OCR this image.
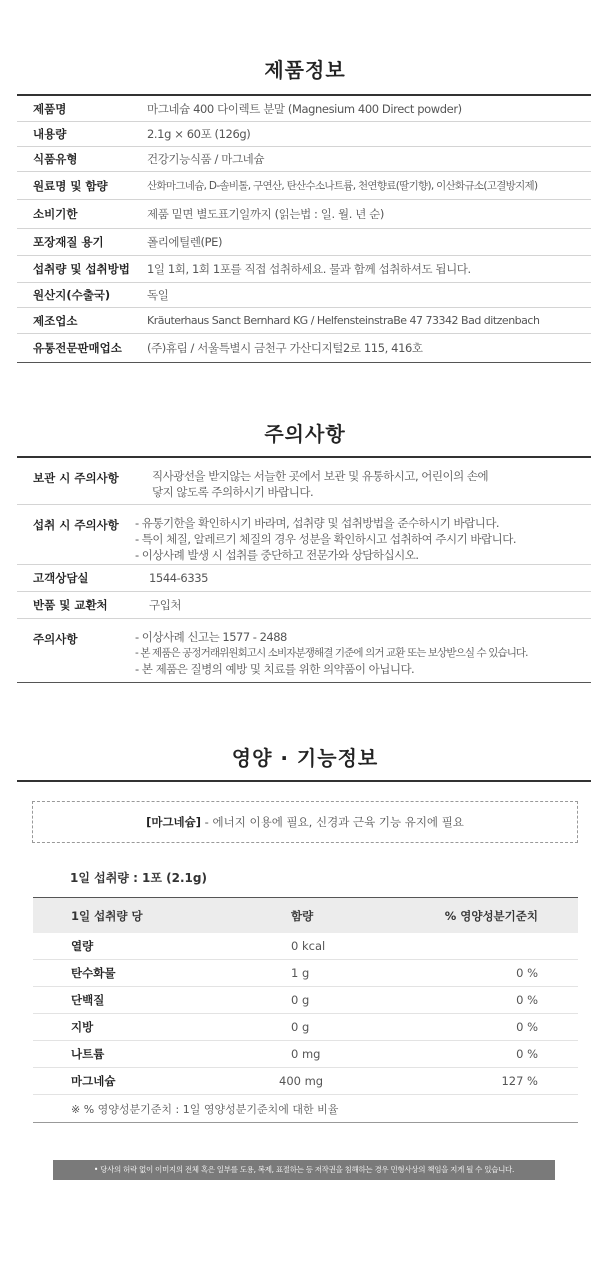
제품정보
제품명	마그네슘 400 다이렉트 분말 (Magnesium 400 Direct powder)
내용량	2.1g × 60포 (126g)
식품유형	건강기능식품 / 마그네슘
원료명 및 함량	산화마그네슘, D-솔비톨, 구연산, 탄산수소나트륨, 천연향료(딸기향), 이산화규소(고결방지제)
소비기한	제품 밑면 별도표기일까지 (읽는법 : 일. 월. 년 순)
포장재질 용기	폴리에틸렌(PE)
섭취량 및 섭취방법 1일 1회, 1회 1포를 직접 섭취하세요. 물과 함께 섭취하셔도 됩니다.
원산지(수출국)	독일
제조업소	Kräuterhaus Sanct Bernhard KG / HelfensteinstraBe 47 73342 Bad ditzenbach
유통전문판매업소 (주)휴림 / 서울특별시 금천구 가산디지털2로 115, 416호
주의사항
보관 시 주의사항	직사광선을 받지않는 서늘한 곳에서 보관 및 유통하시고, 어린이의 손에
닿지 않도록 주의하시기 바랍니다.
섭취 시 주의사항 - 유통기한을 확인하시기 바라며, 섭취량 및 섭취방법을 준수하시기 바랍니다.
- 특이 체질, 알레르기 체질의 경우 성분을 확인하시고 섭취하여 주시기 바랍니다.
- 이상사례 발생 시 섭취를 중단하고 전문가와 상담하십시오.
고객상담실	1544-6335
반품 및 교환처	구입처
주의사항	- 이상사례 신고는 1577 - 2488
- 본 제품은 공정거래위원회고시 소비자분쟁해결 기준에 의거 교환 또는 보상받으실 수 있습니다.
- 본 제품은 질병의 예방 및 치료를 위한 의약품이 아닙니다.
영양 · 기능정보
[마그네슘] - 에너지 이용에 필요, 신경과 근육 기능 유지에 필요
1일 섭취량 : 1포 (2.1g)
1일 섭취량 당	함량	% 영양성분기준치
열량	0 kcal
탄수화물	1 g	0 %
단백질	0 g	0 %
지방	0 g	0 %
나트륨	0 mg	0 %
마그네슘	400 mg	127 %
※ % 영양성분기준치 : 1일 영양성분기준치에 대한 비율
• 당사의 허락 없이 이미지의 전체 혹은 일부를 도용, 복제, 표절하는 등 저작권을 침해하는 경우 민형사상의 책임을 지게 될 수 있습니다.
